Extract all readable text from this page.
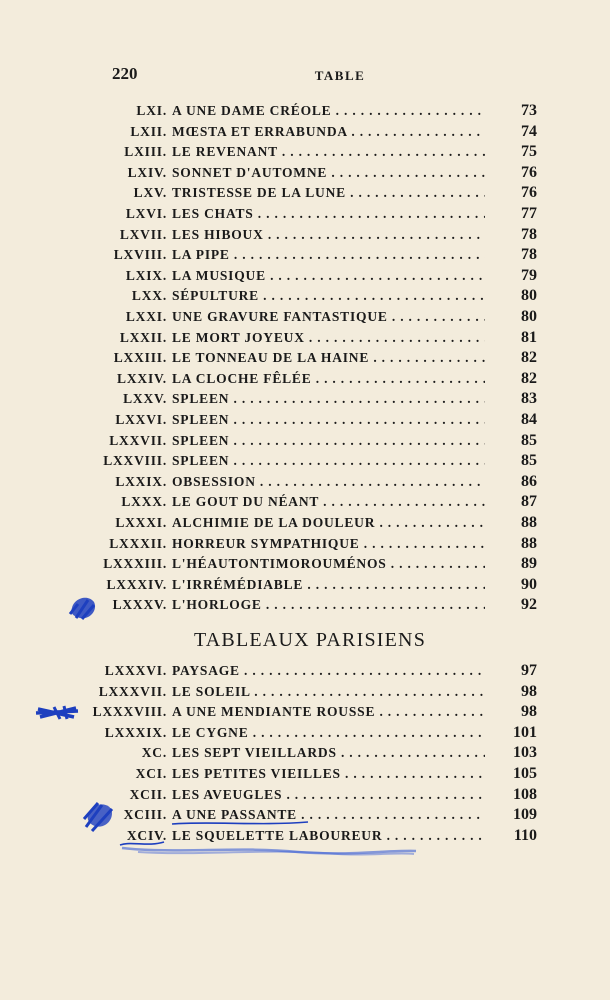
220	TABLE
LXI. A UNE DAME CRÉOLE . . .	73
LXII. MŒSTA ET ERRABUNDA . . .	74
LXIII. LE REVENANT . . .	75
LXIV. SONNET D'AUTOMNE . . .	76
LXV. TRISTESSE DE LA LUNE . . .	76
LXVI. LES CHATS . . .	77
LXVII. LES HIBOUX . . .	78
LXVIII. LA PIPE . . .	78
LXIX. LA MUSIQUE . . .	79
LXX. SÉPULTURE . . .	80
LXXI. UNE GRAVURE FANTASTIQUE . . .	80
LXXII. LE MORT JOYEUX . . .	81
LXXIII. LE TONNEAU DE LA HAINE . . .	82
LXXIV. LA CLOCHE FÊLÉE . . .	82
LXXV. SPLEEN . . .	83
LXXVI. SPLEEN . . .	84
LXXVII. SPLEEN . . .	85
LXXVIII. SPLEEN . . .	85
LXXIX. OBSESSION . . .	86
LXXX. LE GOUT DU NÉANT . . .	87
LXXXI. ALCHIMIE DE LA DOULEUR . . .	88
LXXXII. HORREUR SYMPATHIQUE . . .	88
LXXXIII. L'HÉAUTONTIMOROUMÉNOS . . .	89
LXXXIV. L'IRRÉMÉDIABLE . . .	90
LXXXV. L'HORLOGE . . .	92
LXXXVI. PAYSAGE . . .	97
LXXXVII. LE SOLEIL . . .	98
LXXXVIII. A UNE MENDIANTE ROUSSE . . .	98
LXXXIX. LE CYGNE . . .	101
XC. LES SEPT VIEILLARDS . . .	103
XCI. LES PETITES VIEILLES . . .	105
XCII. LES AVEUGLES . . .	108
XCIII. A UNE PASSANTE . . .	109
XCIV. LE SQUELETTE LABOUREUR . . .	110
TABLEAUX PARISIENS
